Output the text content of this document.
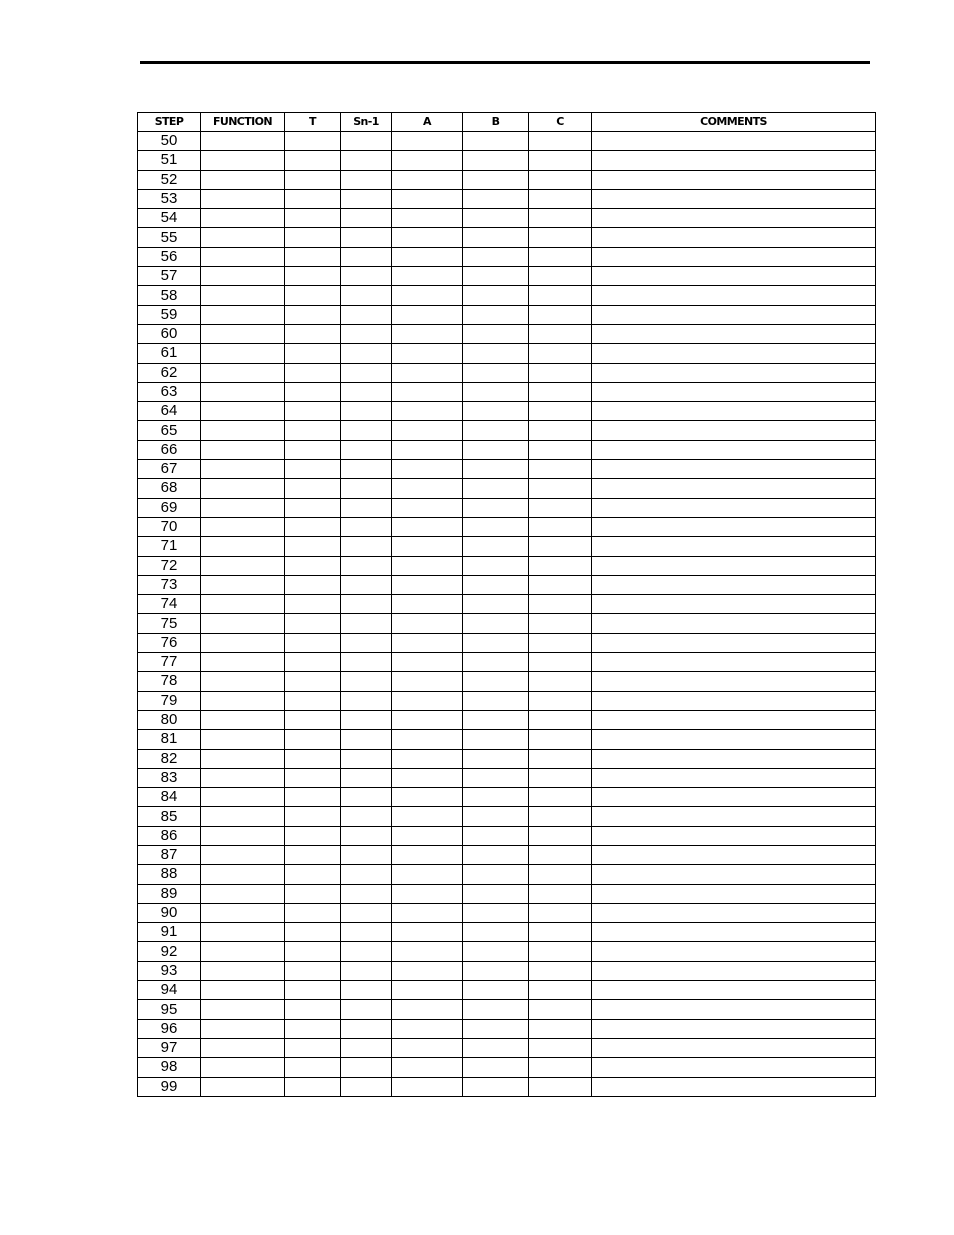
STEP	FUNCTION	T	Sn-1	A	B	C	COMMENTS
50							
51							
52							
53							
54							
55							
56							
57							
58							
59							
60							
61							
62							
63							
64							
65							
66							
67							
68							
69							
70							
71							
72							
73							
74							
75							
76							
77							
78							
79							
80							
81							
82							
83							
84							
85							
86							
87							
88							
89							
90							
91							
92							
93							
94							
95							
96							
97							
98							
99							
